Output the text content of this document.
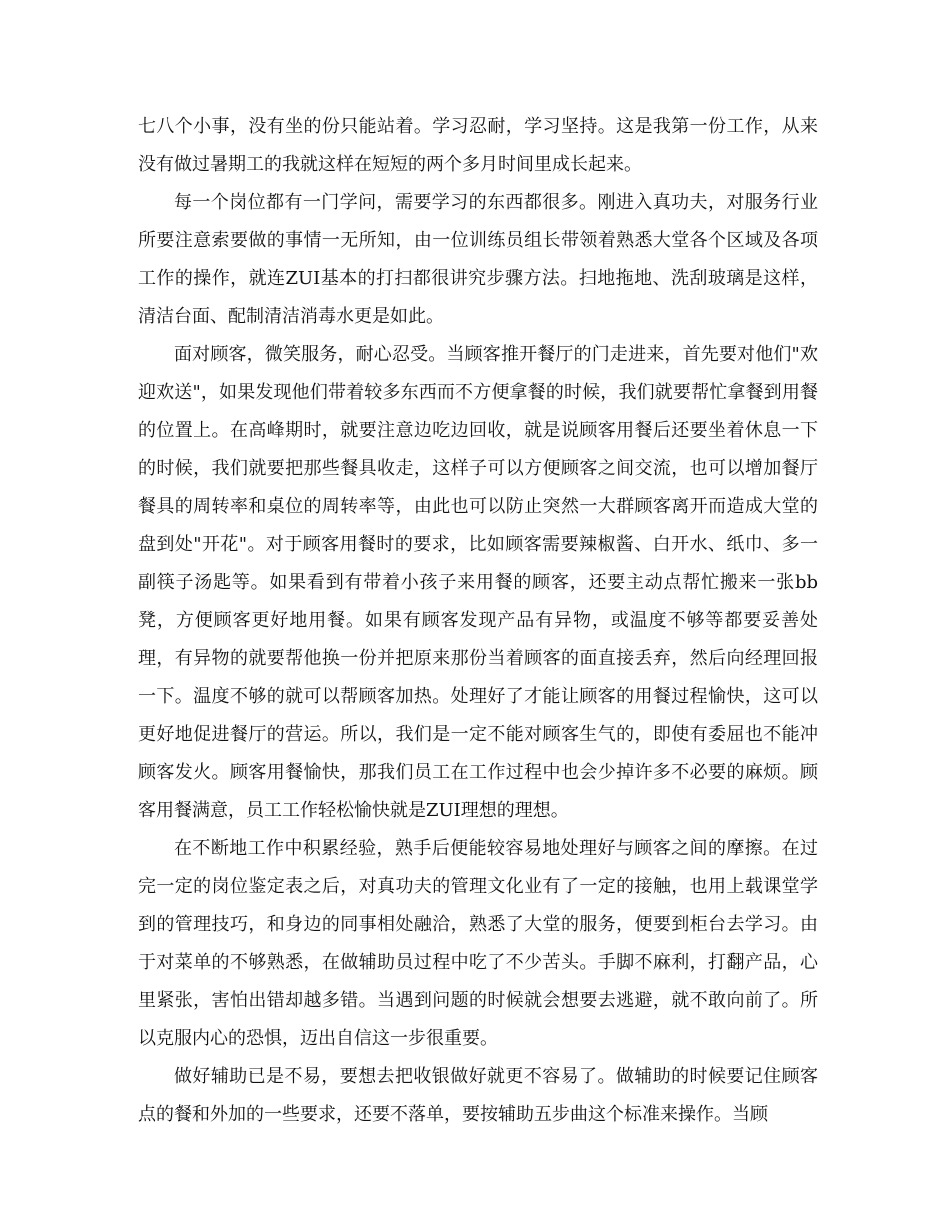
七八个小事，没有坐的份只能站着。学习忍耐，学习坚持。这是我第一份工作，从来没有做过暑期工的我就这样在短短的两个多月时间里成长起来。

每一个岗位都有一门学问，需要学习的东西都很多。刚进入真功夫，对服务行业所要注意索要做的事情一无所知，由一位训练员组长带领着熟悉大堂各个区域及各项工作的操作，就连ZUI基本的打扫都很讲究步骤方法。扫地拖地、洗刮玻璃是这样，清洁台面、配制清洁消毒水更是如此。

面对顾客，微笑服务，耐心忍受。当顾客推开餐厅的门走进来，首先要对他们"欢迎欢送"，如果发现他们带着较多东西而不方便拿餐的时候，我们就要帮忙拿餐到用餐的位置上。在高峰期时，就要注意边吃边回收，就是说顾客用餐后还要坐着休息一下的时候，我们就要把那些餐具收走，这样子可以方便顾客之间交流，也可以增加餐厅餐具的周转率和桌位的周转率等，由此也可以防止突然一大群顾客离开而造成大堂的盘到处"开花"。对于顾客用餐时的要求，比如顾客需要辣椒酱、白开水、纸巾、多一副筷子汤匙等。如果看到有带着小孩子来用餐的顾客，还要主动点帮忙搬来一张bb凳，方便顾客更好地用餐。如果有顾客发现产品有异物，或温度不够等都要妥善处理，有异物的就要帮他换一份并把原来那份当着顾客的面直接丢弃，然后向经理回报一下。温度不够的就可以帮顾客加热。处理好了才能让顾客的用餐过程愉快，这可以更好地促进餐厅的营运。所以，我们是一定不能对顾客生气的，即使有委屈也不能冲顾客发火。顾客用餐愉快，那我们员工在工作过程中也会少掉许多不必要的麻烦。顾客用餐满意，员工工作轻松愉快就是ZUI理想的理想。

在不断地工作中积累经验，熟手后便能较容易地处理好与顾客之间的摩擦。在过完一定的岗位鉴定表之后，对真功夫的管理文化业有了一定的接触，也用上载课堂学到的管理技巧，和身边的同事相处融洽，熟悉了大堂的服务，便要到柜台去学习。由于对菜单的不够熟悉，在做辅助员过程中吃了不少苦头。手脚不麻利，打翻产品，心里紧张，害怕出错却越多错。当遇到问题的时候就会想要去逃避，就不敢向前了。所以克服内心的恐惧，迈出自信这一步很重要。

做好辅助已是不易，要想去把收银做好就更不容易了。做辅助的时候要记住顾客点的餐和外加的一些要求，还要不落单，要按辅助五步曲这个标准来操作。当顾
